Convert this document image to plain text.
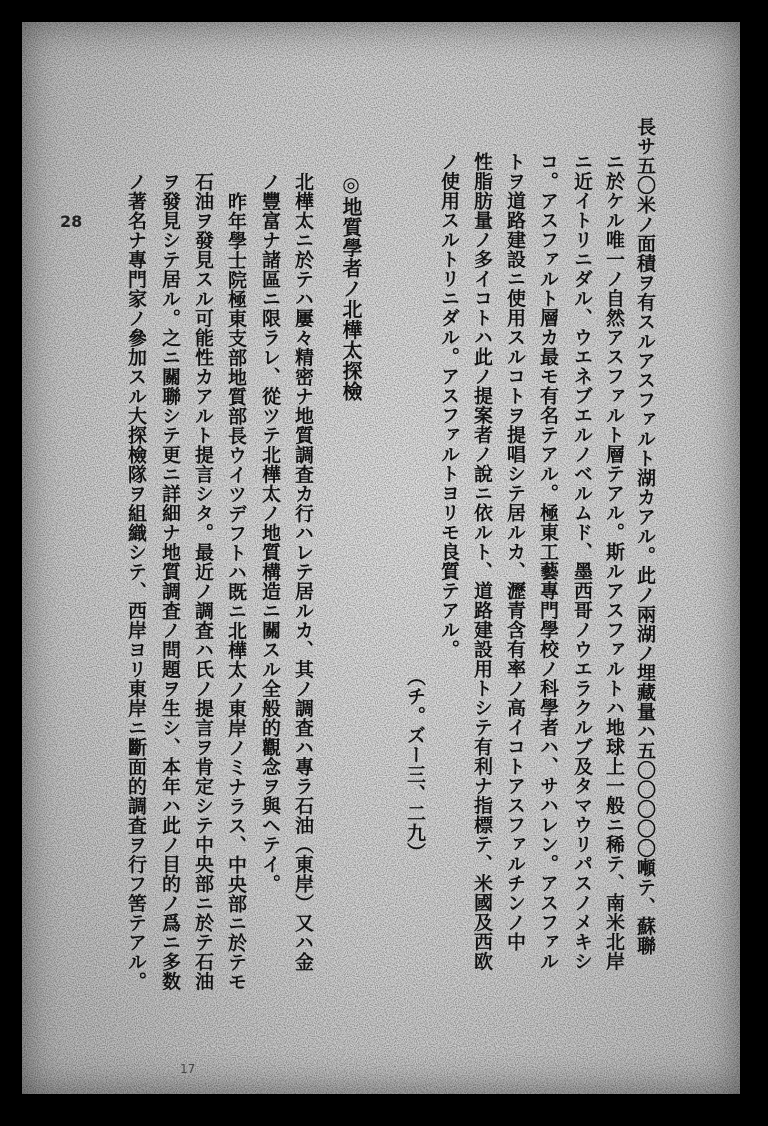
28	長サ五〇米ノ面積ヲ有スルアスファルト湖カアル。此ノ兩湖ノ埋藏量ハ五〇〇〇〇〇噸テ、蘇聯
ニ於ケル唯一ノ自然アスファルト層テアル。斯ルアスファルトハ地球上一般ニ稀テ、南米北岸
ニ近イトリニダル、ウエネブエルノベルムド、墨西哥ノウエラクルブ及タマウリパスノメキシ
コ。アスファルト層カ最モ有名テアル。極東工藝專門學校ノ科學者ハ、サハレン。アスファル
トヲ道路建設ニ使用スルコトヲ提唱シテ居ルカ、瀝青含有率ノ高イコトアスファルチンノ中
性脂肪量ノ多イコトハ此ノ提案者ノ說ニ依ルト、道路建設用トシテ有利ナ指標テ、米國及西欧
ノ使用スルトリニダル。アスファルトヨリモ良質テアル。
（チ。ズー三、二九）
◎地質學者ノ北樺太探檢
北樺太ニ於テハ屢々精密ナ地質調査カ行ハレテ居ルカ、其ノ調査ハ專ラ石油（東岸）又ハ金
ノ豐富ナ諸區ニ限ラレ、從ツテ北樺太ノ地質構造ニ關スル全般的觀念ヲ與ヘテイ。
昨年學士院極東支部地質部長ウイツデフトハ既ニ北樺太ノ東岸ノミナラス、中央部ニ於テモ
石油ヲ發見スル可能性カアルト提言シタ。最近ノ調査ハ氏ノ提言ヲ肯定シテ中央部ニ於テ石油
ヲ發見シテ居ル。之ニ關聯シテ更ニ詳細ナ地質調査ノ問題ヲ生シ、本年ハ此ノ目的ノ爲ニ多数
ノ著名ナ專門家ノ參加スル大探檢隊ヲ組織シテ、西岸ヨリ東岸ニ斷面的調査ヲ行フ筈テアル。
17
